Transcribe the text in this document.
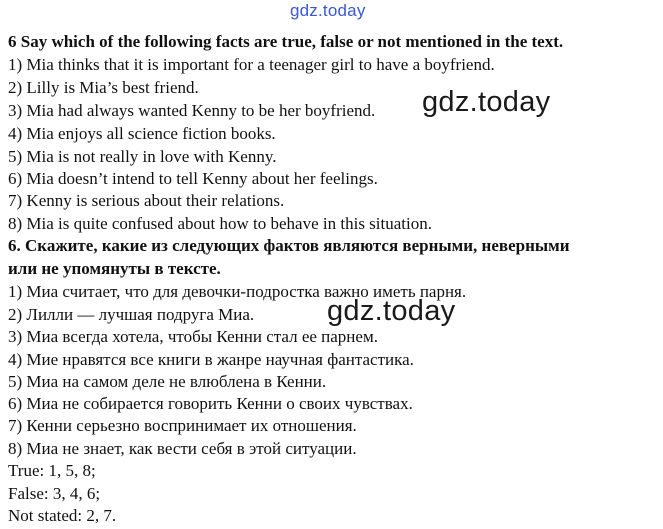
gdz.today
6 Say which of the following facts are true, false or not mentioned in the text.
1) Mia thinks that it is important for a teenager girl to have a boyfriend.
2) Lilly is Mia’s best friend.
3) Mia had always wanted Kenny to be her boyfriend.
4) Mia enjoys all science fiction books.
5) Mia is not really in love with Kenny.
6) Mia doesn’t intend to tell Kenny about her feelings.
7) Kenny is serious about their relations.
8) Mia is quite confused about how to behave in this situation.
6. Скажите, какие из следующих фактов являются верными, неверными
или не упомянуты в тексте.
1) Миа считает, что для девочки-подростка важно иметь парня.
2) Лилли — лучшая подруга Миа.
3) Миа всегда хотела, чтобы Кенни стал ее парнем.
4) Мие нравятся все книги в жанре научная фантастика.
5) Миа на самом деле не влюблена в Кенни.
6) Миа не собирается говорить Кенни о своих чувствах.
7) Кенни серьезно воспринимает их отношения.
8) Миа не знает, как вести себя в этой ситуации.
True: 1, 5, 8;
False: 3, 4, 6;
Not stated: 2, 7.
gdz.today
gdz.today
